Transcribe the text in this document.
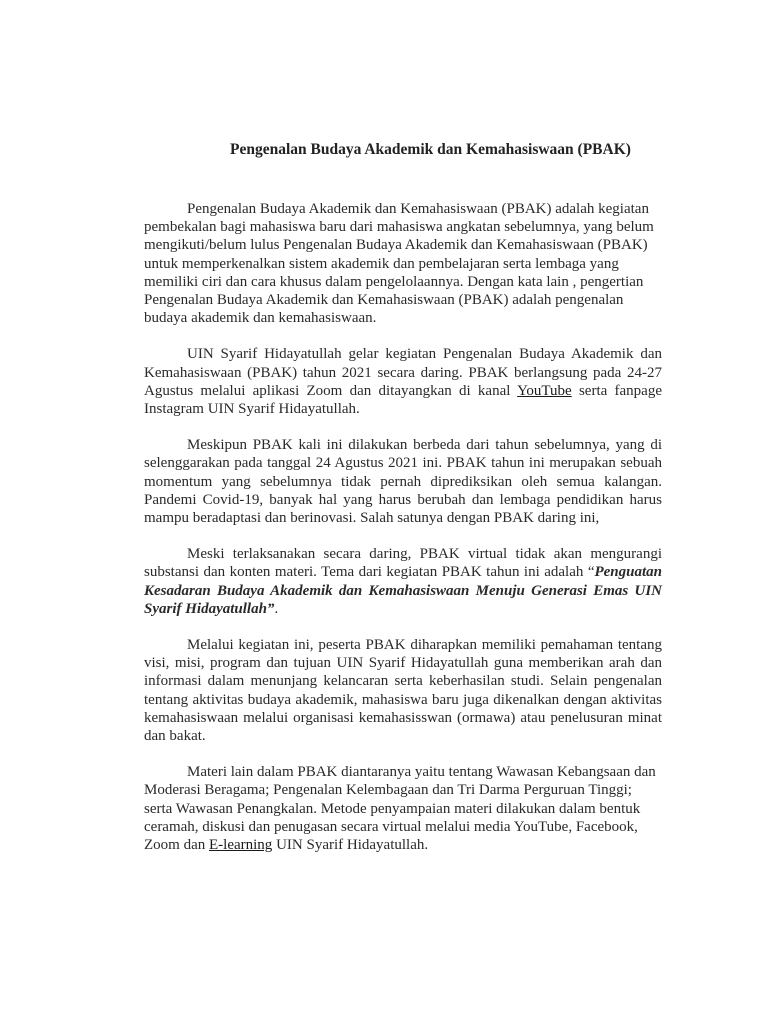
Pengenalan Budaya Akademik dan Kemahasiswaan (PBAK)

Pengenalan Budaya Akademik dan Kemahasiswaan (PBAK) adalah kegiatan pembekalan bagi mahasiswa baru dari mahasiswa angkatan sebelumnya, yang belum mengikuti/belum lulus Pengenalan Budaya Akademik dan Kemahasiswaan (PBAK) untuk memperkenalkan sistem akademik dan pembelajaran serta lembaga yang memiliki ciri dan cara khusus dalam pengelolaannya. Dengan kata lain , pengertian Pengenalan Budaya Akademik dan Kemahasiswaan (PBAK) adalah pengenalan budaya akademik dan kemahasiswaan.

UIN Syarif Hidayatullah gelar kegiatan Pengenalan Budaya Akademik dan Kemahasiswaan (PBAK) tahun 2021 secara daring. PBAK berlangsung pada 24-27 Agustus melalui aplikasi Zoom dan ditayangkan di kanal YouTube serta fanpage Instagram UIN Syarif Hidayatullah.

Meskipun PBAK kali ini dilakukan berbeda dari tahun sebelumnya, yang di selenggarakan pada tanggal 24 Agustus 2021 ini. PBAK tahun ini merupakan sebuah momentum yang sebelumnya tidak pernah diprediksikan oleh semua kalangan. Pandemi Covid-19, banyak hal yang harus berubah dan lembaga pendidikan harus mampu beradaptasi dan berinovasi. Salah satunya dengan PBAK daring ini,

Meski terlaksanakan secara daring, PBAK virtual tidak akan mengurangi substansi dan konten materi. Tema dari kegiatan PBAK tahun ini adalah “Penguatan Kesadaran Budaya Akademik dan Kemahasiswaan Menuju Generasi Emas UIN Syarif Hidayatullah”.

Melalui kegiatan ini, peserta PBAK diharapkan memiliki pemahaman tentang visi, misi, program dan tujuan UIN Syarif Hidayatullah guna memberikan arah dan informasi dalam menunjang kelancaran serta keberhasilan studi. Selain pengenalan tentang aktivitas budaya akademik, mahasiswa baru juga dikenalkan dengan aktivitas kemahasiswaan melalui organisasi kemahasisswan (ormawa) atau penelusuran minat dan bakat.

Materi lain dalam PBAK diantaranya yaitu tentang Wawasan Kebangsaan dan Moderasi Beragama; Pengenalan Kelembagaan dan Tri Darma Perguruan Tinggi; serta Wawasan Penangkalan. Metode penyampaian materi dilakukan dalam bentuk ceramah, diskusi dan penugasan secara virtual melalui media YouTube, Facebook, Zoom dan E-learning UIN Syarif Hidayatullah.
